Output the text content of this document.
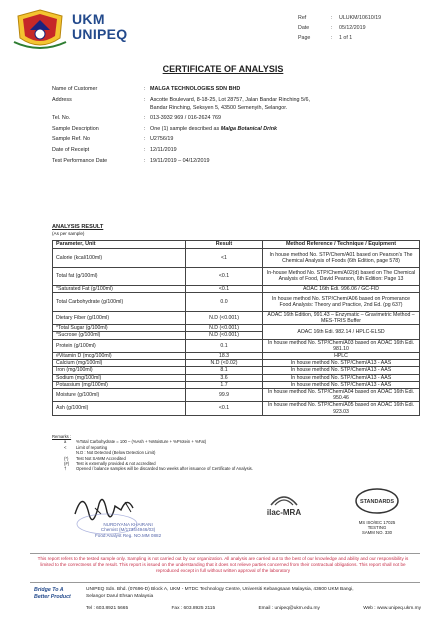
UKM
UNIPEQ
Ref	: ULUKM/10610/19
Date	: 05/12/2019
Page	: 1 of 1
CERTIFICATE OF ANALYSIS
Name of Customer	: MALGA TECHNOLOGIES SDN BHD
Address	: Ascotte Boulevard, 8-18-25, Lot 28757, Jalan Bandar Rinching 5/6,
Bandar Rinching, Seksyen 5, 43500 Semenyih, Selangor.
Tel. No.	: 013-3932 969 / 016-2624 769
Sample Description	: One (1) sample described as Malga Botanical Drink
Sample Ref. No	: U2756/19
Date of Receipt	: 12/11/2019
Test Performance Date	: 19/11/2019 – 04/12/2019
ANALYSIS RESULT
(As per sample)
Parameter, Unit	Result	Method Reference / Technique / Equipment
Calorie (kcal/100ml)	<1	In house method No. STP/Chem/A01 based on Pearson's The Chemical Analysis of Foods (6th Edition, page 578)
Total fat (g/100ml)	<0.1	In-house Method No. STP/Chem/A02(d) based on The Chemical Analysis of Food, David Pearson, 6th Edition: Page 13
*Saturated Fat (g/100ml)	<0.1	AOAC 16th Edi. 996.06 / GC-FID
Total Carbohydrate (g/100ml)	0.0	In house method No. STP/Chem/A06 based on Promerance Food Analysis: Theory and Practice, 2nd Ed. (pg 637)
Dietary Fiber (g/100ml)	N.D (<0.001)	AOAC 16th Edition, 991.43 – Enzymatic – Gravimetric Method – MES-TRIS Buffer
*Total Sugar (g/100ml)	N.D (<0.001)	AOAC 16th Edi. 982.14 / HPLC-ELSD
*Sucrose (g/100ml)	N.D (<0.001)	
Protein (g/100ml)	0.1	In house method No. STP/Chem/A03 based on AOAC 16th Edi. 981.10
#Vitamin D (mcg/100ml)	18.3	HPLC
Calcium (mg/100ml)	N.D (<0.02)	In house method No. STP/Chem/A13 - AAS
Iron (mg/100ml)	8.1	In house method No. STP/Chem/A13 - AAS
Sodium (mg/100ml)	3.6	In house method No. STP/Chem/A13 - AAS
Potassium (mg/100ml)	1.7	In house method No. STP/Chem/A13 - AAS
Moisture (g/100ml)	99.9	In house method No. STP/Chem/A04 based on AOAC 16th Edi. 950.46
Ash (g/100ml)	<0.1	In house method No. STP/Chem/A05 based on AOAC 16th Edi. 923.03
Remarks :
a %Total Carbohydrate = 100 – (%Ash + %Moisture + %Protein + %Fat)
< Limit of reporting
N.D : Not Detected (Below Detection Limit)
(*) Test Not SAMM Accredited
(#) Test is externally provided & not accredited
† Opened / balance samples will be discarded two weeks after issuance of Certificate of Analysis.
NURDIYANA KHAIRANI
Chemist (M/1734/4946/03)
Food Analyst Reg. NO.MM 0882
ilac-MRA
STANDARDS
MS ISO/IEC 17025
TESTING
SAMM NO. 330
This report refers to the tested sample only. Sampling is not carried out by our organization. All analysis are carried out to the best of our knowledge and ability and our responsibility is limited to the correctness of the result. This report is issued on the understanding that it does not relieve parties concerned from their contractual obligations. This report shall not be reproduced except in full without written approval of the laboratory
Bridge To A
Better Product
UNIPEQ Sdn. Bhd. (07696-D) Block A, UKM - MTDC Technology Centre, Universiti Kebangsaan Malaysia, 43600 UKM Bangi,
Selangor Darul Ehsan Malaysia
Tel : 603.8921 5665	Fax : 603.8925 2115	Email : unipeq@ukm.edu.my	Web : www.unipeq.ukm.my
